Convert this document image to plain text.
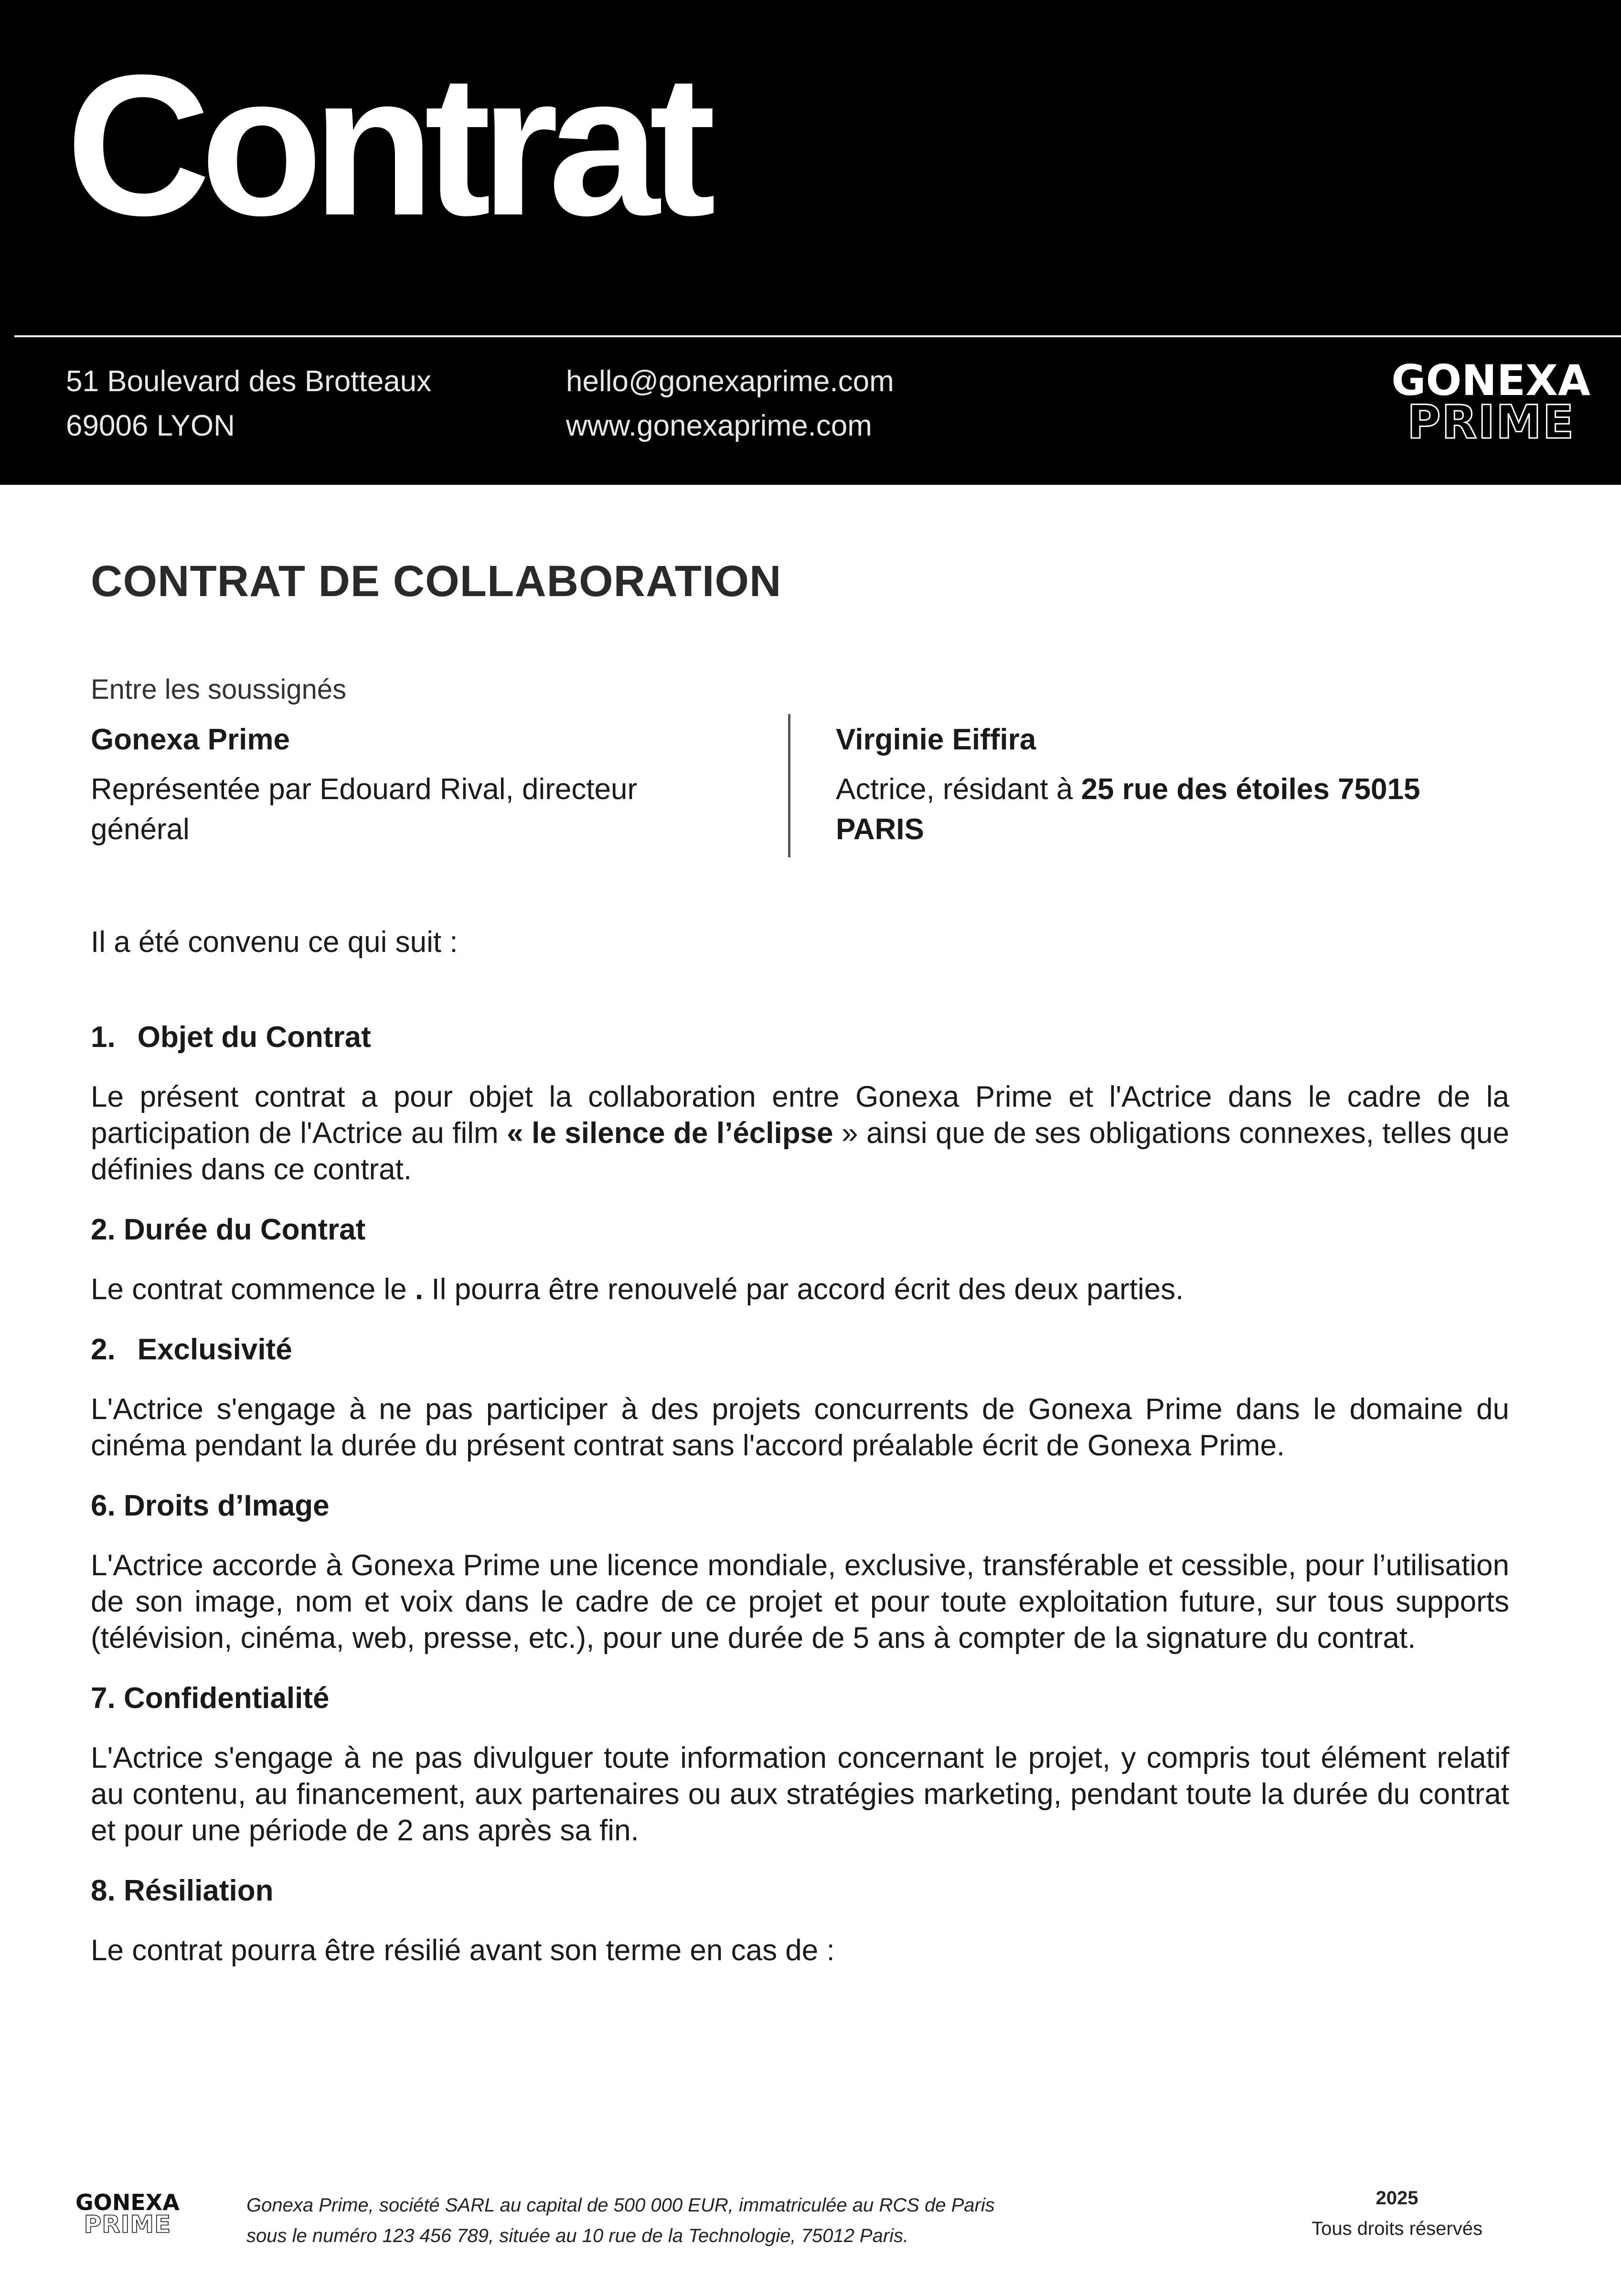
Contrat
51 Boulevard des Brotteaux
69006 LYON
hello@gonexaprime.com
www.gonexaprime.com
GONEXA
PRIME
CONTRAT DE COLLABORATION
Entre les soussignés
Gonexa Prime
Représentée par Edouard Rival, directeur général
Virginie Eiffira
Actrice, résidant à 25 rue des étoiles 75015 PARIS
Il a été convenu ce qui suit :
1. Objet du Contrat

Le présent contrat a pour objet la collaboration entre Gonexa Prime et l'Actrice dans le cadre de la participation de l'Actrice au film « le silence de l’éclipse » ainsi que de ses obligations connexes, telles que définies dans ce contrat.

2. Durée du Contrat

Le contrat commence le . Il pourra être renouvelé par accord écrit des deux parties.

2. Exclusivité

L'Actrice s'engage à ne pas participer à des projets concurrents de Gonexa Prime dans le domaine du cinéma pendant la durée du présent contrat sans l'accord préalable écrit de Gonexa Prime.

6. Droits d’Image

L'Actrice accorde à Gonexa Prime une licence mondiale, exclusive, transférable et cessible, pour l’utilisation de son image, nom et voix dans le cadre de ce projet et pour toute exploitation future, sur tous supports (télévision, cinéma, web, presse, etc.), pour une durée de 5 ans à compter de la signature du contrat.

7. Confidentialité

L'Actrice s'engage à ne pas divulguer toute information concernant le projet, y compris tout élément relatif au contenu, au financement, aux partenaires ou aux stratégies marketing, pendant toute la durée du contrat et pour une période de 2 ans après sa fin.

8. Résiliation

Le contrat pourra être résilié avant son terme en cas de :

GONEXA
PRIME
Gonexa Prime, société SARL au capital de 500 000 EUR, immatriculée au RCS de Paris
sous le numéro 123 456 789, située au 10 rue de la Technologie, 75012 Paris.
2025
Tous droits réservés
